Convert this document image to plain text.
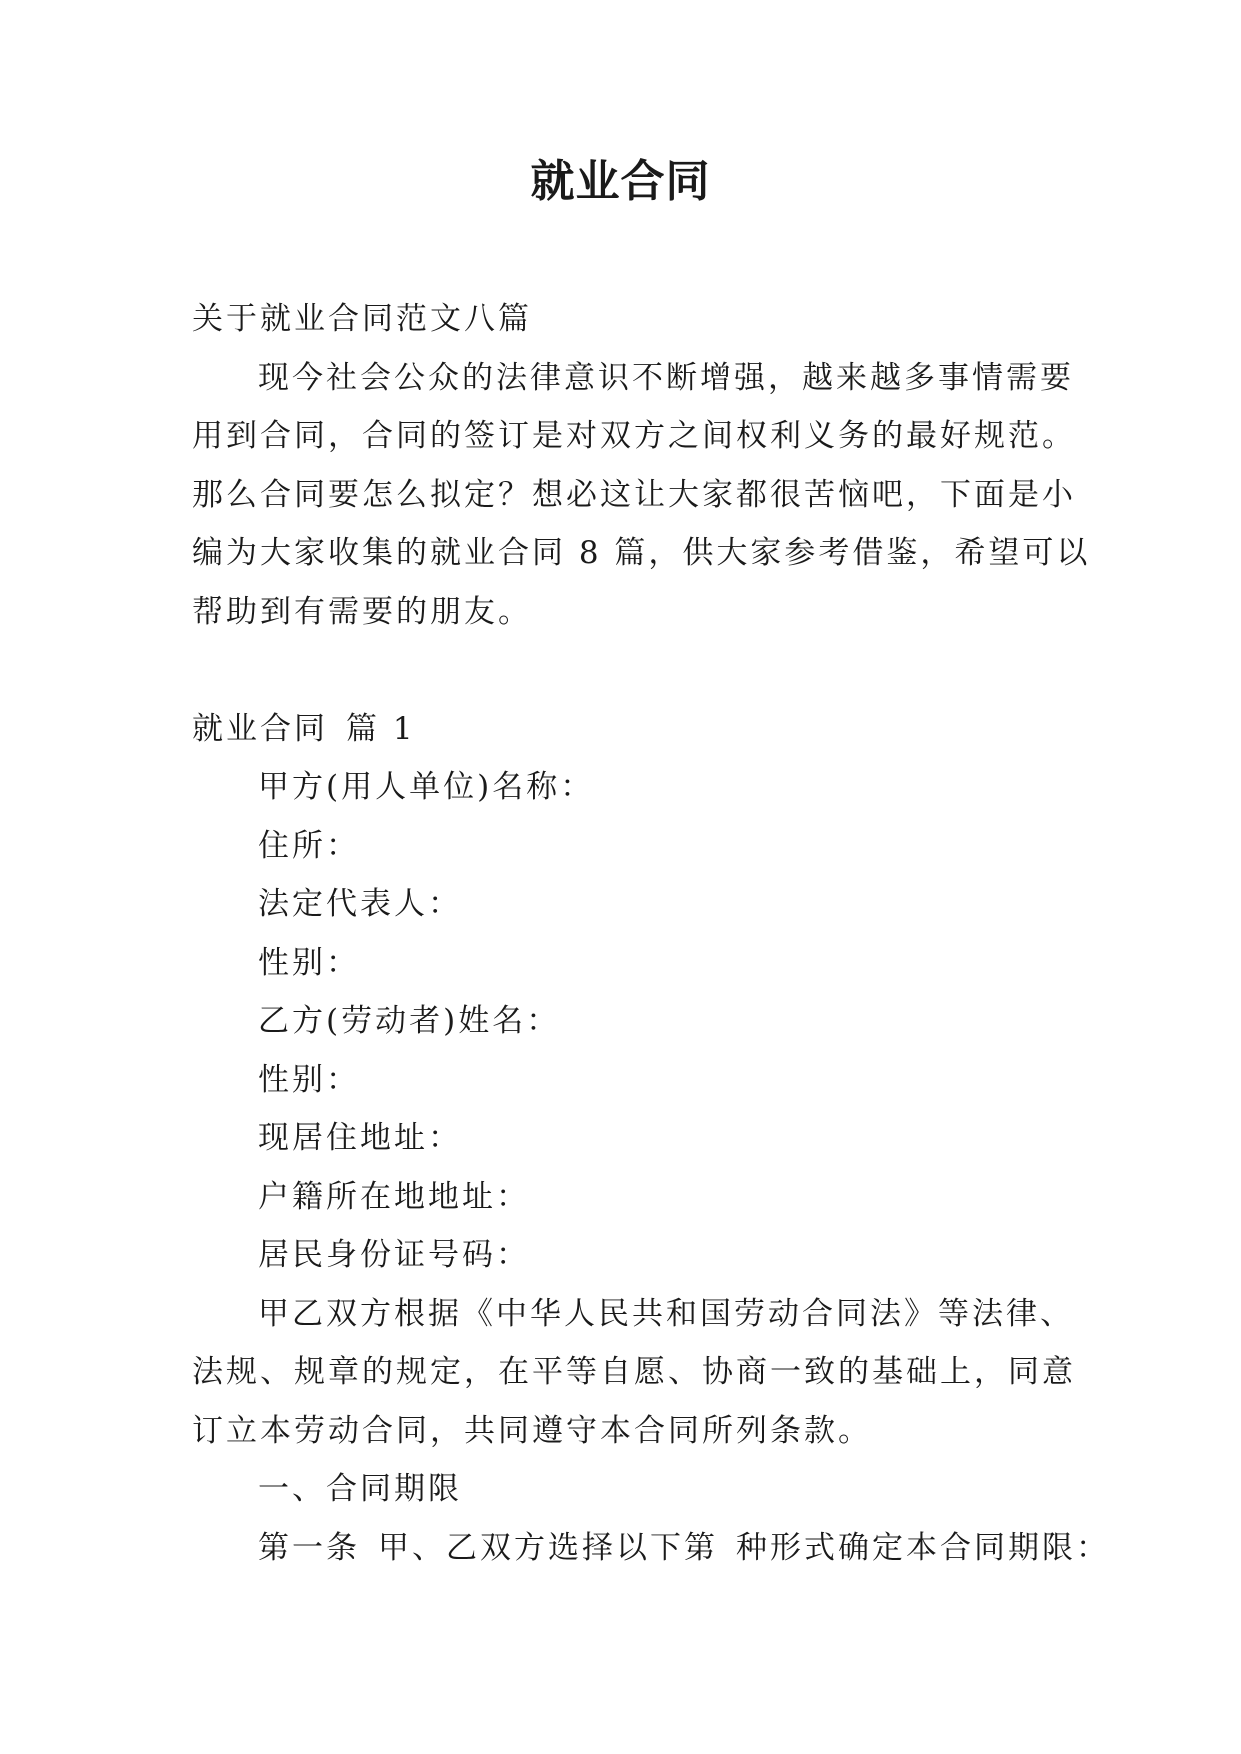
就业合同
关于就业合同范文八篇
现今社会公众的法律意识不断增强，越来越多事情需要
用到合同，合同的签订是对双方之间权利义务的最好规范。
那么合同要怎么拟定？想必这让大家都很苦恼吧，下面是小
编为大家收集的就业合同 8 篇，供大家参考借鉴，希望可以
帮助到有需要的朋友。
就业合同 篇 1
甲方(用人单位)名称：
住所：
法定代表人：
性别：
乙方(劳动者)姓名：
性别：
现居住地址：
户籍所在地地址：
居民身份证号码：
甲乙双方根据《中华人民共和国劳动合同法》等法律、
法规、规章的规定，在平等自愿、协商一致的基础上，同意
订立本劳动合同，共同遵守本合同所列条款。
一、合同期限
第一条 甲、乙双方选择以下第 种形式确定本合同期限：
